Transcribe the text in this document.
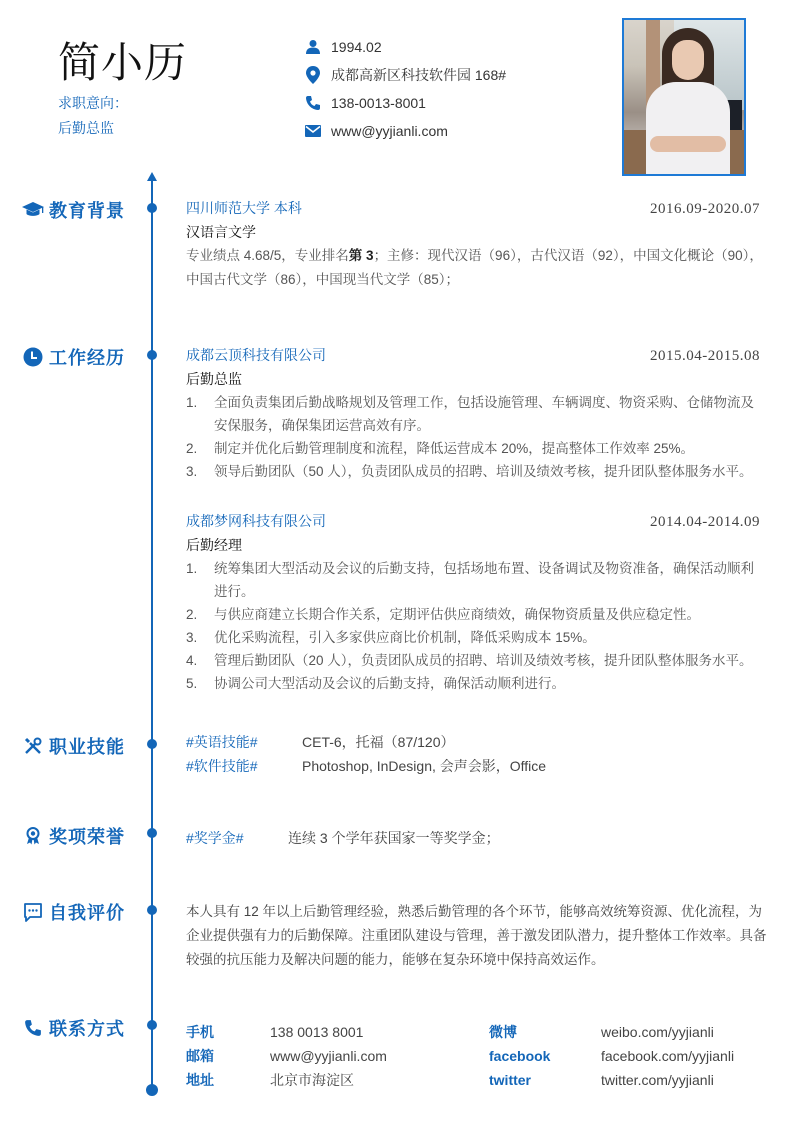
简小历
求职意向：
后勤总监
1994.02
成都高新区科技软件园 168#
138-0013-8001
www@yyjianli.com
教育背景	四川师范大学 本科	2016.09-2020.07
汉语言文学
专业绩点 4.68/5，专业排名第 3；主修：现代汉语（96），古代汉语（92），中国文化概论（90），中国古代文学（86），中国现当代文学（85）；
工作经历	成都云顶科技有限公司	2015.04-2015.08
后勤总监
1.	全面负责集团后勤战略规划及管理工作，包括设施管理、车辆调度、物资采购、仓储物流及安保服务，确保集团运营高效有序。
2.	制定并优化后勤管理制度和流程，降低运营成本 20%，提高整体工作效率 25%。
3.	领导后勤团队（50 人），负责团队成员的招聘、培训及绩效考核，提升团队整体服务水平。
成都梦网科技有限公司	2014.04-2014.09
后勤经理
1.	统筹集团大型活动及会议的后勤支持，包括场地布置、设备调试及物资准备，确保活动顺利进行。
2.	与供应商建立长期合作关系，定期评估供应商绩效，确保物资质量及供应稳定性。
3.	优化采购流程，引入多家供应商比价机制，降低采购成本 15%。
4.	管理后勤团队（20 人），负责团队成员的招聘、培训及绩效考核，提升团队整体服务水平。
5.	协调公司大型活动及会议的后勤支持，确保活动顺利进行。
职业技能	#英语技能#	CET-6，托福（87/120）
#软件技能#	Photoshop, InDesign, 会声会影，Office
奖项荣誉	#奖学金#	连续 3 个学年获国家一等奖学金；
自我评价	本人具有 12 年以上后勤管理经验，熟悉后勤管理的各个环节，能够高效统筹资源、优化流程，为企业提供强有力的后勤保障。注重团队建设与管理，善于激发团队潜力，提升整体工作效率。具备较强的抗压能力及解决问题的能力，能够在复杂环境中保持高效运作。
联系方式	手机	138 0013 8001	微博	weibo.com/yyjianli
邮箱	www@yyjianli.com	facebook	facebook.com/yyjianli
地址	北京市海淀区	twitter	twitter.com/yyjianli
